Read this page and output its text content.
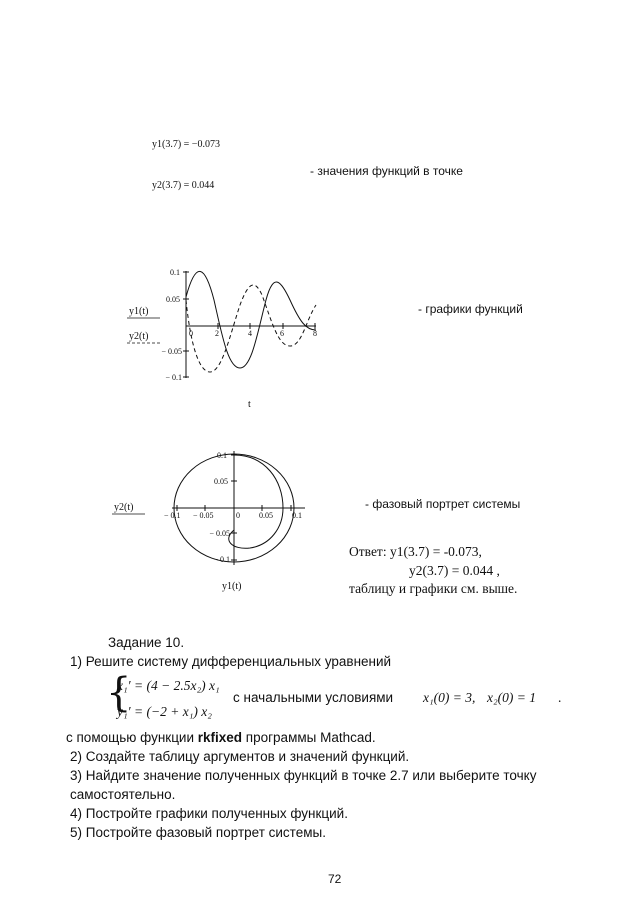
y1(3.7) = −0.073
y2(3.7) = 0.044
- значения функций в точке
0.1
0.05
− 0.05
− 0.1
0	2	4	6	8
y1(t)
y2(t)
t
- графики функций
0.1
0.05
− 0.05
− 0.1
− 0.1 − 0.05	0 0.05 0.1
y2(t)
y1(t)
- фазовый портрет системы
Ответ: y1(3.7) = -0.073,
y2(3.7) = 0.044 ,
таблицу и графики см. выше.
Задание 10.
1) Решите систему дифференциальных уравнений
{
x₁′ = (4 − 2.5x₂) x₁
y₁′ = (−2 + x₁) x₂
с начальными условиями x₁(0) = 3, x₂(0) = 1 .
с помощью функции rkfixed программы Mathcad.
2) Создайте таблицу аргументов и значений функций.
3) Найдите значение полученных функций в точке 2.7 или выберите точку
самостоятельно.
4) Постройте графики полученных функций.
5) Постройте фазовый портрет системы.
72
